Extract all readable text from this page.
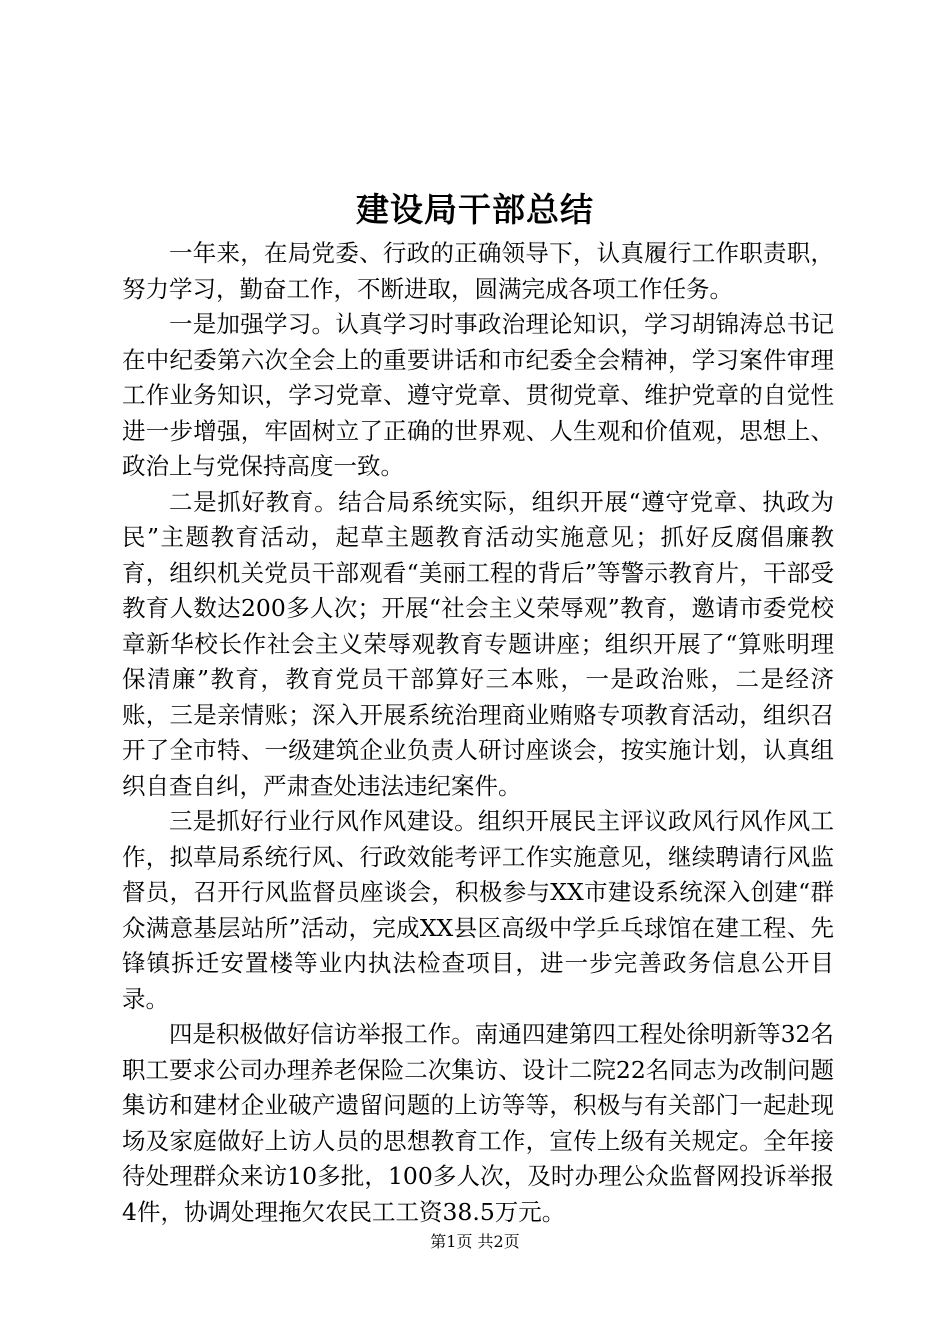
建设局干部总结

一年来，在局党委、行政的正确领导下，认真履行工作职责职，努力学习，勤奋工作，不断进取，圆满完成各项工作任务。

一是加强学习。认真学习时事政治理论知识，学习胡锦涛总书记在中纪委第六次全会上的重要讲话和市纪委全会精神，学习案件审理工作业务知识，学习党章、遵守党章、贯彻党章、维护党章的自觉性进一步增强，牢固树立了正确的世界观、人生观和价值观，思想上、政治上与党保持高度一致。

二是抓好教育。结合局系统实际，组织开展“遵守党章、执政为民”主题教育活动，起草主题教育活动实施意见；抓好反腐倡廉教育，组织机关党员干部观看“美丽工程的背后”等警示教育片，干部受教育人数达200多人次；开展“社会主义荣辱观”教育，邀请市委党校章新华校长作社会主义荣辱观教育专题讲座；组织开展了“算账明理保清廉”教育，教育党员干部算好三本账，一是政治账，二是经济账，三是亲情账；深入开展系统治理商业贿赂专项教育活动，组织召开了全市特、一级建筑企业负责人研讨座谈会，按实施计划，认真组织自查自纠，严肃查处违法违纪案件。

三是抓好行业行风作风建设。组织开展民主评议政风行风作风工作，拟草局系统行风、行政效能考评工作实施意见，继续聘请行风监督员，召开行风监督员座谈会，积极参与XX市建设系统深入创建“群众满意基层站所”活动，完成XX县区高级中学乒乓球馆在建工程、先锋镇拆迁安置楼等业内执法检查项目，进一步完善政务信息公开目录。

四是积极做好信访举报工作。南通四建第四工程处徐明新等32名职工要求公司办理养老保险二次集访、设计二院22名同志为改制问题集访和建材企业破产遗留问题的上访等等，积极与有关部门一起赴现场及家庭做好上访人员的思想教育工作，宣传上级有关规定。全年接待处理群众来访10多批，100多人次，及时办理公众监督网投诉举报4件，协调处理拖欠农民工工资38.5万元。

第1页 共2页
